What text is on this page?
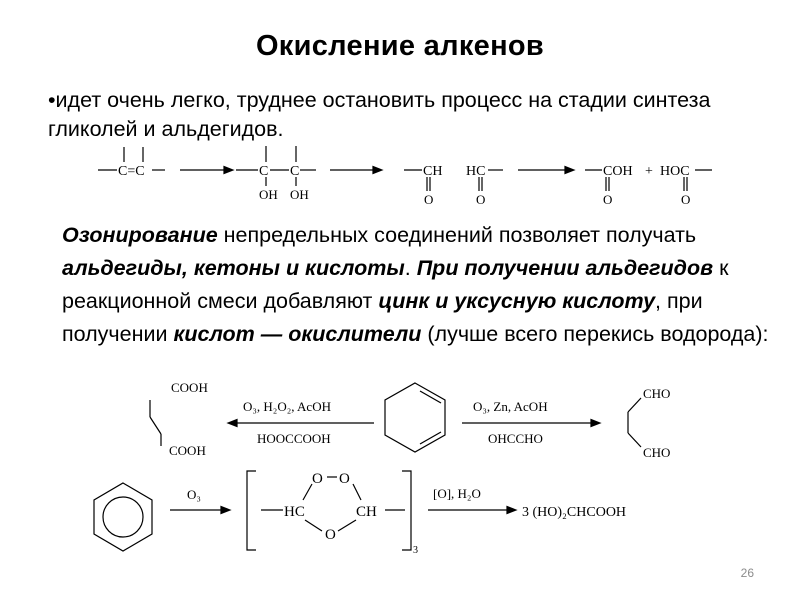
Окисление алкенов
•идет очень легко, труднее остановить процесс на стадии синтеза гликолей и альдегидов.
C=C	C C
OH OH
CH
O
HC
O
COH + HOC
O	O
COOH
COOH
O₃, H₂O₂, AcOH
HOOCCOOH
O₃, Zn, AcOH
OHCCHO
CHO
CHO
O₃
O O
O
HC	CH
3
[O], H₂O
3 (HO)₂CHCOOH
Озонирование непредельных соединений позволяет получать альдегиды, кетоны и кислоты. При получении альдегидов к реакционной смеси добавляют цинк и уксусную кислоту, при получении кислот — окислители (лучше всего перекись водорода):
26
